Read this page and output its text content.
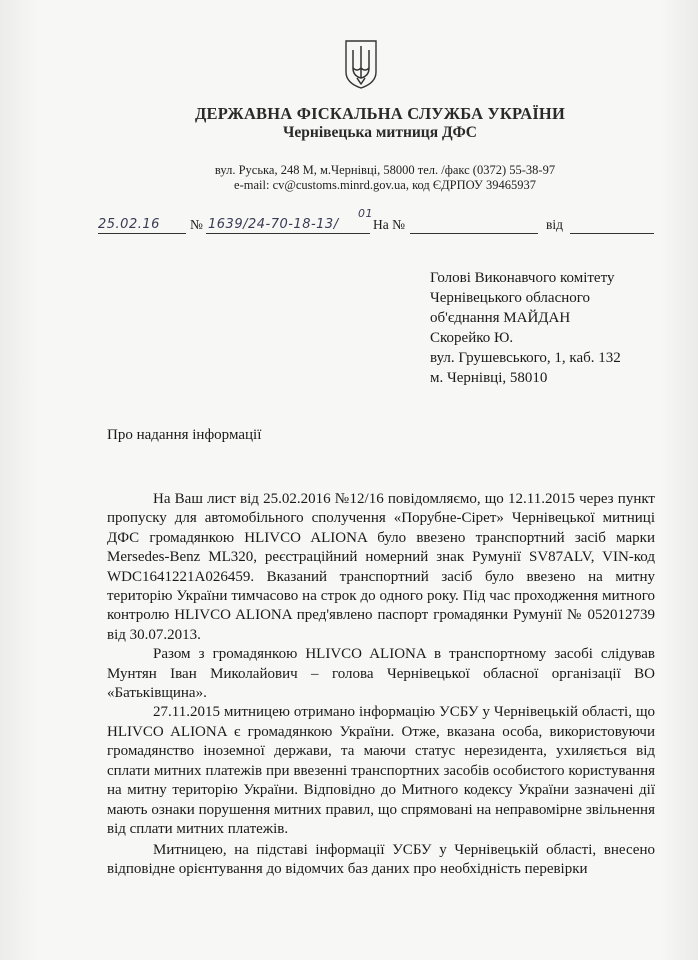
ДЕРЖАВНА ФІСКАЛЬНА СЛУЖБА УКРАЇНИ
Чернівецька митниця ДФС
вул. Руська, 248 М, м.Чернівці, 58000 тел. /факс (0372) 55-38-97
e-mail: cv@customs.minrd.gov.ua, код ЄДРПОУ 39465937
25.02.16 № 1639/24-70-18-13/
01
На №	від
Голові Виконавчого комітету
Чернівецького обласного
об'єднання МАЙДАН
Скорейко Ю.
вул. Грушевського, 1, каб. 132
м. Чернівці, 58010
Про надання інформації

На Ваш лист від 25.02.2016 №12/16 повідомляємо, що 12.11.2015 через пункт пропуску для автомобільного сполучення «Порубне-Сірет» Чернівецької митниці ДФС громадянкою HLIVCO ALIONA було ввезено транспортний засіб марки Mersedes-Benz ML320, реєстраційний номерний знак Румунії SV87ALV, VIN-код WDC1641221A026459. Вказаний транспортний засіб було ввезено на митну територію України тимчасово на строк до одного року. Під час проходження митного контролю HLIVCO ALIONA пред'явлено паспорт громадянки Румунії № 052012739 від 30.07.2013.

Разом з громадянкою HLIVCO ALIONA в транспортному засобі слідував Мунтян Іван Миколайович – голова Чернівецької обласної організації ВО «Батьківщина».

27.11.2015 митницею отримано інформацію УСБУ у Чернівецькій області, що HLIVCO ALIONA є громадянкою України. Отже, вказана особа, використовуючи громадянство іноземної держави, та маючи статус нерезидента, ухиляється від сплати митних платежів при ввезенні транспортних засобів особистого користування на митну територію України. Відповідно до Митного кодексу України зазначені дії мають ознаки порушення митних правил, що спрямовані на неправомірне звільнення від сплати митних платежів.

Митницею, на підставі інформації УСБУ у Чернівецькій області, внесено відповідне орієнтування до відомчих баз даних про необхідність перевірки
